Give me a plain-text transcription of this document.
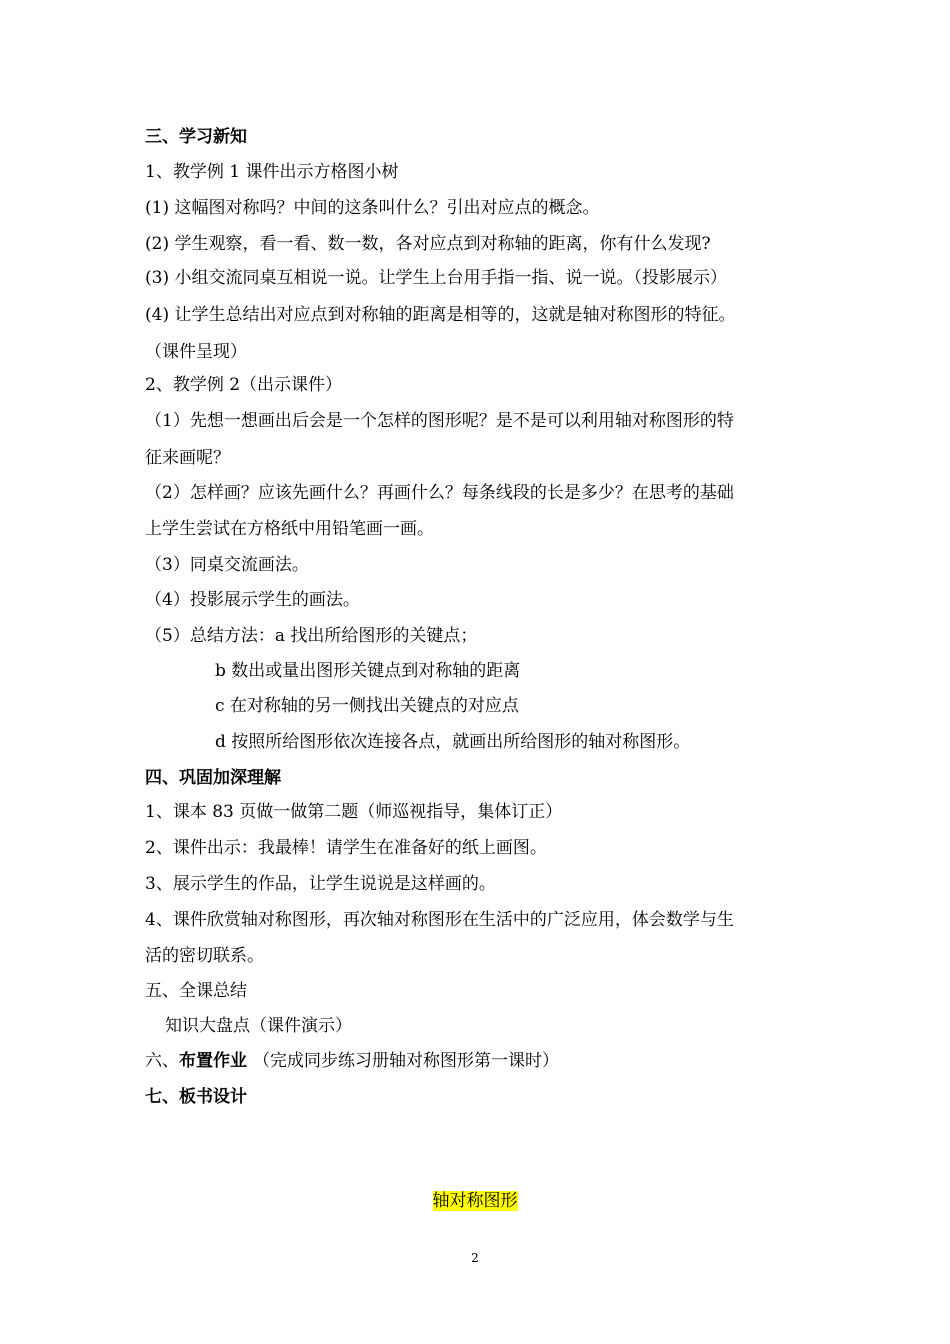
三、学习新知
1、教学例 1 课件出示方格图小树
(1) 这幅图对称吗？中间的这条叫什么？引出对应点的概念。
(2) 学生观察，看一看、数一数，各对应点到对称轴的距离，你有什么发现?
(3) 小组交流同桌互相说一说。让学生上台用手指一指、说一说。（投影展示）
(4) 让学生总结出对应点到对称轴的距离是相等的，这就是轴对称图形的特征。
（课件呈现）
2、教学例 2（出示课件）
（1）先想一想画出后会是一个怎样的图形呢？是不是可以利用轴对称图形的特
征来画呢？
（2）怎样画？应该先画什么？再画什么？每条线段的长是多少？在思考的基础
上学生尝试在方格纸中用铅笔画一画。
（3）同桌交流画法。
（4）投影展示学生的画法。
（5）总结方法：a 找出所给图形的关键点；
b 数出或量出图形关键点到对称轴的距离
c 在对称轴的另一侧找出关键点的对应点
d 按照所给图形依次连接各点，就画出所给图形的轴对称图形。
四、巩固加深理解
1、课本 83 页做一做第二题（师巡视指导，集体订正）
2、课件出示：我最棒！请学生在准备好的纸上画图。
3、展示学生的作品，让学生说说是这样画的。
4、课件欣赏轴对称图形，再次轴对称图形在生活中的广泛应用，体会数学与生
活的密切联系。
五、全课总结
知识大盘点（课件演示）
六、布置作业 （完成同步练习册轴对称图形第一课时）
七、板书设计
轴对称图形
2
